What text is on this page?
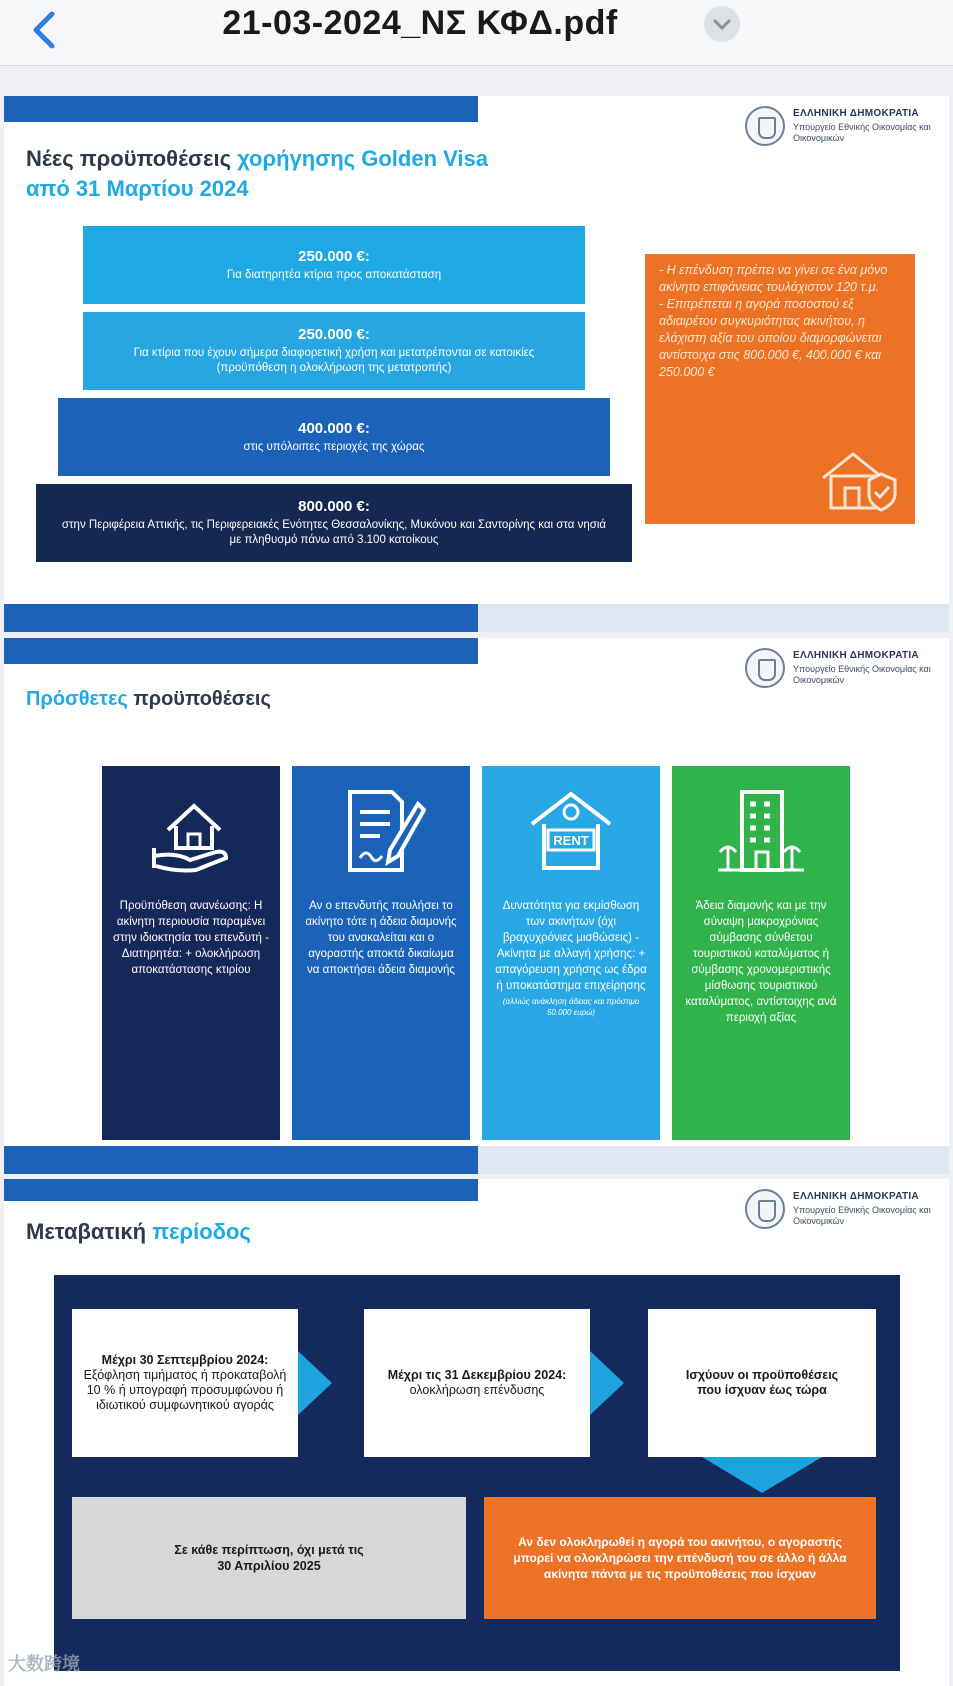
21-03-2024_ΝΣ ΚΦΔ.pdf
ΕΛΛΗΝΙΚΗ ΔΗΜΟΚΡΑΤΙΑ
Υπουργείο Εθνικής Οικονομίας και Οικονομικών
Νέες προϋποθέσεις χορήγησης Golden Visa
από 31 Μαρτίου 2024
250.000 €:
Για διατηρητέα κτίρια προς αποκατάσταση
250.000 €:
Για κτίρια που έχουν σήμερα διαφορετική χρήση και μετατρέπονται σε κατοικίες (προϋπόθεση η ολοκλήρωση της μετατροπής)
400.000 €:
στις υπόλοιπες περιοχές της χώρας
800.000 €:
στην Περιφέρεια Αττικής, τις Περιφερειακές Ενότητες Θεσσαλονίκης, Μυκόνου και Σαντορίνης και στα νησιά με πληθυσμό πάνω από 3.100 κατοίκους
- Η επένδυση πρέπει να γίνει σε ένα μόνο ακίνητο επιφάνειας τουλάχιστον 120 τ.μ.
- Επιτρέπεται η αγορά ποσοστού εξ αδιαιρέτου συγκυριότητας ακινήτου, η ελάχιστη αξία του οποίου διαμορφώνεται αντίστοιχα στις 800.000 €, 400.000 € και 250.000 €
ΕΛΛΗΝΙΚΗ ΔΗΜΟΚΡΑΤΙΑ
Υπουργείο Εθνικής Οικονομίας και Οικονομικών
Πρόσθετες προϋποθέσεις
Προϋπόθεση ανανέωσης: Η ακίνητη περιουσία παραμένει στην ιδιοκτησία του επενδυτή - Διατηρητέα: + ολοκλήρωση αποκατάστασης κτιρίου
Αν ο επενδυτής πουλήσει το ακίνητο τότε η άδεια διαμονής του ανακαλείται και ο αγοραστής αποκτά δικαίωμα να αποκτήσει άδεια διαμονής
RENT
Δυνατότητα για εκμίσθωση των ακινήτων (όχι βραχυχρόνιες μισθώσεις) - Ακίνητα με αλλαγή χρήσης: + απαγόρευση χρήσης ως έδρα ή υποκατάστημα επιχείρησης
(αλλιώς ανάκληση άδειας και πρόστιμο 50.000 ευρώ)
Άδεια διαμονής και με την σύναψη μακροχρόνιας σύμβασης σύνθετου τουριστικού καταλύματος ή σύμβασης χρονομεριστικής μίσθωσης τουριστικού καταλύματος, αντίστοιχης ανά περιοχή αξίας
ΕΛΛΗΝΙΚΗ ΔΗΜΟΚΡΑΤΙΑ
Υπουργείο Εθνικής Οικονομίας και Οικονομικών
Μεταβατική περίοδος
Μέχρι 30 Σεπτεμβρίου 2024:
Εξόφληση τιμήματος ή προκαταβολή 10 % ή υπογραφή προσυμφώνου ή ιδιωτικού συμφωνητικού αγοράς
Μέχρι τις 31 Δεκεμβρίου 2024:
ολοκλήρωση επένδυσης
Ισχύουν οι προϋποθέσεις που ίσχυαν έως τώρα
Σε κάθε περίπτωση, όχι μετά τις 30 Απριλίου 2025
Αν δεν ολοκληρωθεί η αγορά του ακινήτου, ο αγοραστής μπορεί να ολοκληρώσει την επένδυσή του σε άλλο ή άλλα ακίνητα πάντα με τις προϋποθέσεις που ίσχυαν
大数跨境
